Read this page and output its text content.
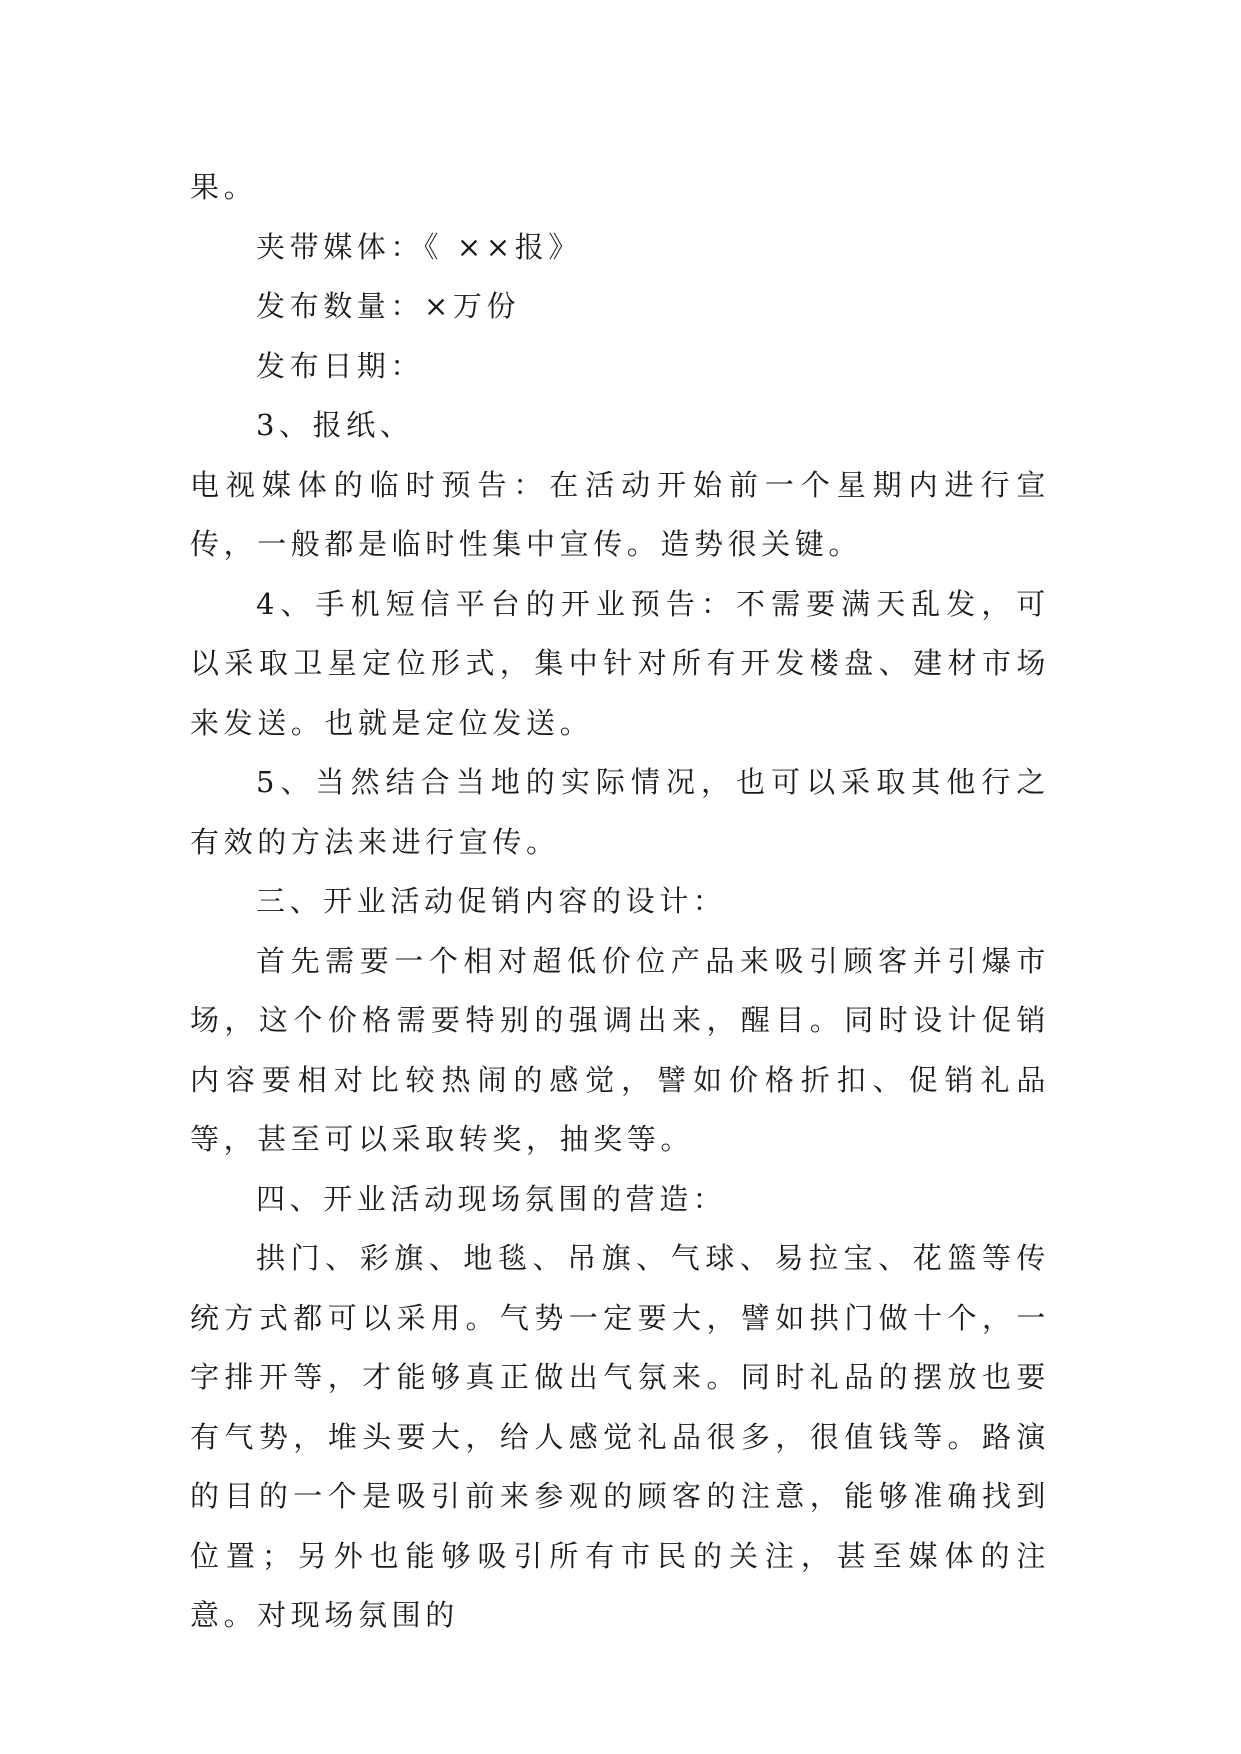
果。

夹带媒体：《 ××报》

发布数量：×万份

发布日期：

3、报纸、

电视媒体的临时预告：在活动开始前一个星期内进行宣传，一般都是临时性集中宣传。造势很关键。

4、手机短信平台的开业预告：不需要满天乱发，可以采取卫星定位形式，集中针对所有开发楼盘、建材市场来发送。也就是定位发送。

5、当然结合当地的实际情况，也可以采取其他行之有效的方法来进行宣传。

三、开业活动促销内容的设计：

首先需要一个相对超低价位产品来吸引顾客并引爆市场，这个价格需要特别的强调出来，醒目。同时设计促销内容要相对比较热闹的感觉，譬如价格折扣、促销礼品等，甚至可以采取转奖，抽奖等。

四、开业活动现场氛围的营造：

拱门、彩旗、地毯、吊旗、气球、易拉宝、花篮等传统方式都可以采用。气势一定要大，譬如拱门做十个，一字排开等，才能够真正做出气氛来。同时礼品的摆放也要有气势，堆头要大，给人感觉礼品很多，很值钱等。路演的目的一个是吸引前来参观的顾客的注意，能够准确找到位置；另外也能够吸引所有市民的关注，甚至媒体的注意。对现场氛围的
